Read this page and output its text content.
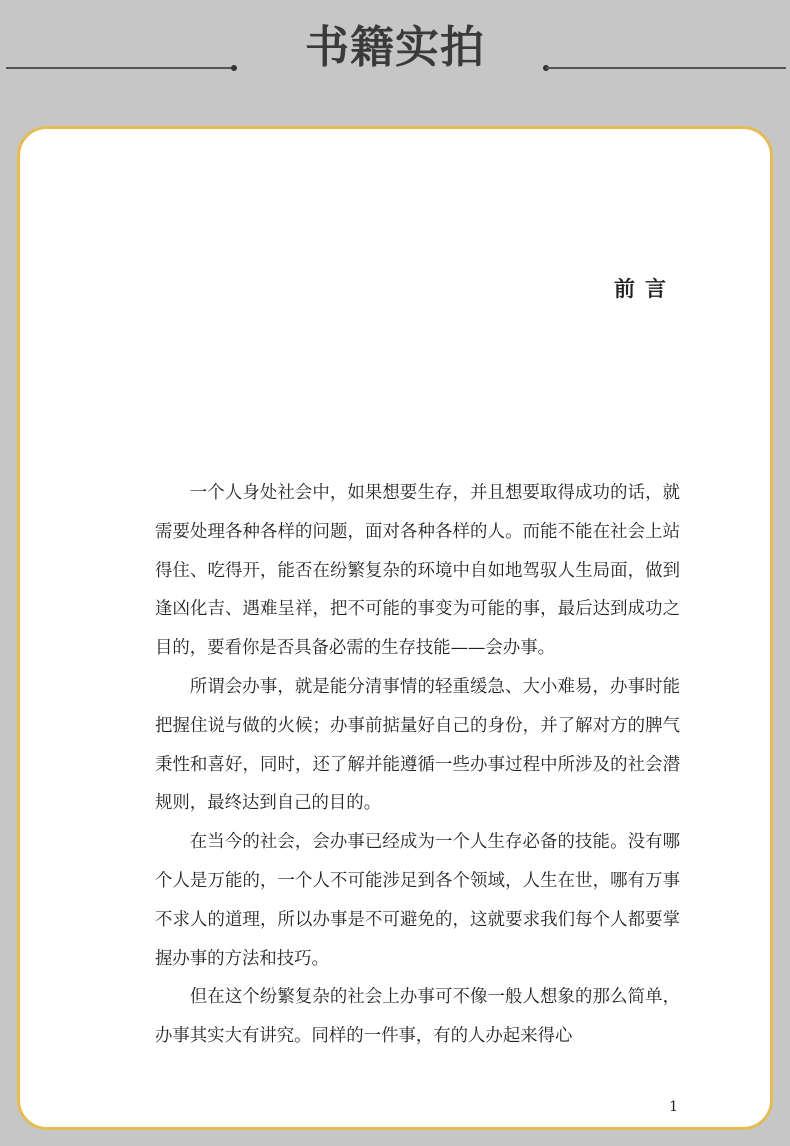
书籍实拍
前言

一个人身处社会中，如果想要生存，并且想要取得成功的话，就需要处理各种各样的问题，面对各种各样的人。而能不能在社会上站得住、吃得开，能否在纷繁复杂的环境中自如地驾驭人生局面，做到逢凶化吉、遇难呈祥，把不可能的事变为可能的事，最后达到成功之目的，要看你是否具备必需的生存技能——会办事。

所谓会办事，就是能分清事情的轻重缓急、大小难易，办事时能把握住说与做的火候；办事前掂量好自己的身份，并了解对方的脾气秉性和喜好，同时，还了解并能遵循一些办事过程中所涉及的社会潜规则，最终达到自己的目的。

在当今的社会，会办事已经成为一个人生存必备的技能。没有哪个人是万能的，一个人不可能涉足到各个领域，人生在世，哪有万事不求人的道理，所以办事是不可避免的，这就要求我们每个人都要掌握办事的方法和技巧。

但在这个纷繁复杂的社会上办事可不像一般人想象的那么简单，办事其实大有讲究。同样的一件事，有的人办起来得心

1
